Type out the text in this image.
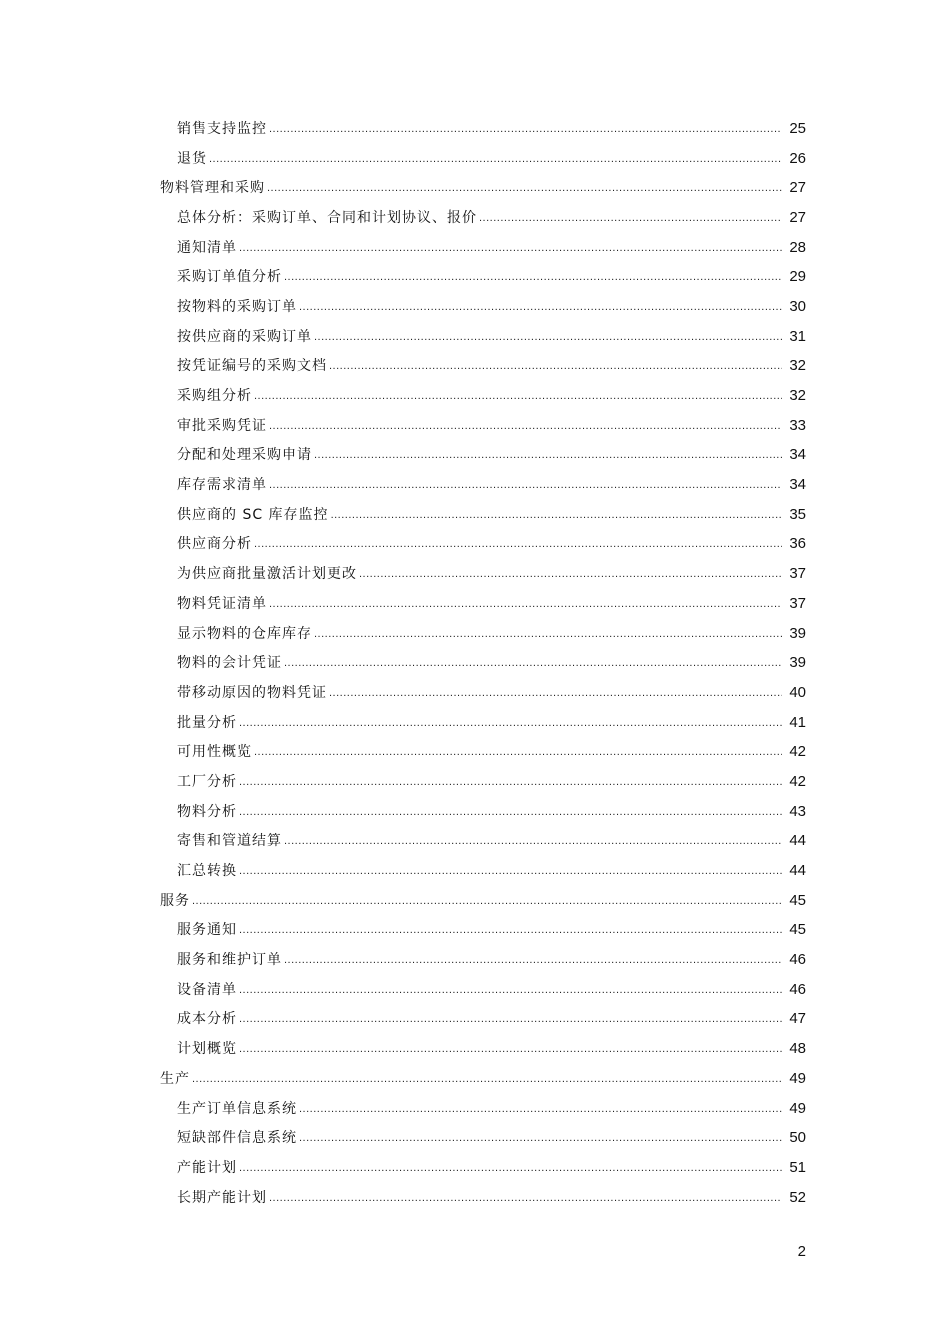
销售支持监控 .....	25
退货 .....	26
物料管理和采购 .....	27
总体分析：采购订单、合同和计划协议、报价 .....	27
通知清单 .....	28
采购订单值分析 .....	29
按物料的采购订单 .....	30
按供应商的采购订单 .....	31
按凭证编号的采购文档 .....	32
采购组分析 .....	32
审批采购凭证 .....	33
分配和处理采购申请 .....	34
库存需求清单 .....	34
供应商的 SC 库存监控 .....	35
供应商分析 .....	36
为供应商批量激活计划更改 .....	37
物料凭证清单 .....	37
显示物料的仓库库存 .....	39
物料的会计凭证 .....	39
带移动原因的物料凭证 .....	40
批量分析 .....	41
可用性概览 .....	42
工厂分析 .....	42
物料分析 .....	43
寄售和管道结算 .....	44
汇总转换 .....	44
服务 .....	45
服务通知 .....	45
服务和维护订单 .....	46
设备清单 .....	46
成本分析 .....	47
计划概览 .....	48
生产 .....	49
生产订单信息系统 .....	49
短缺部件信息系统 .....	50
产能计划 .....	51
长期产能计划 .....	52
2
